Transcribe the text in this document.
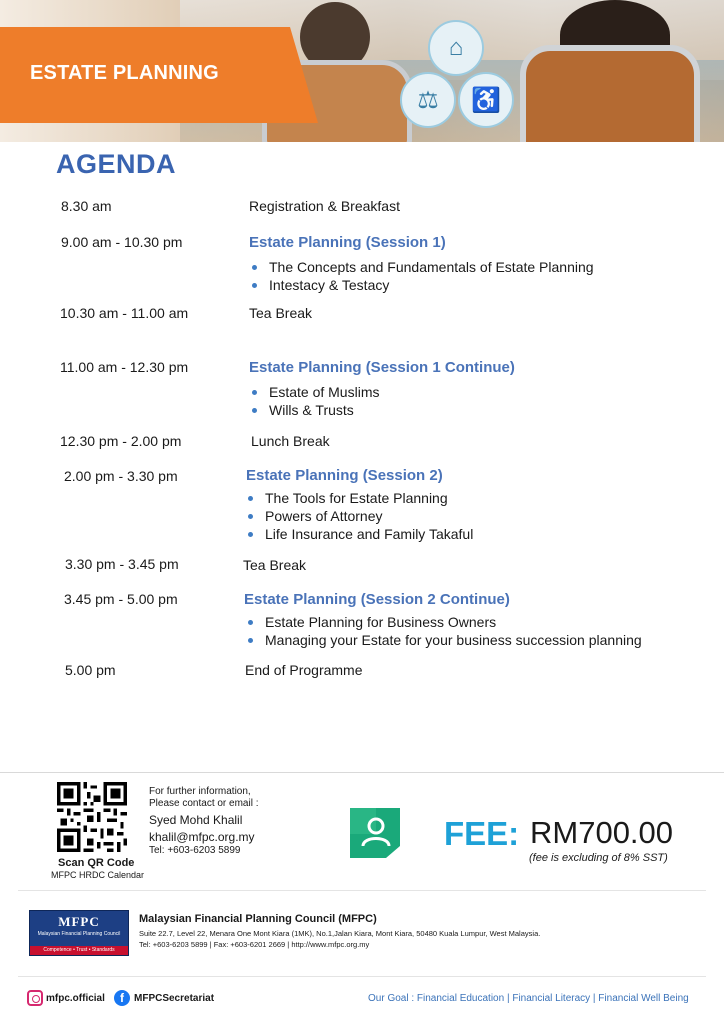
⌂
⚖	♿
ESTATE PLANNING
AGENDA
8.30 am	Registration & Breakfast
9.00 am - 10.30 pm	Estate Planning (Session 1)
The Concepts and Fundamentals of Estate Planning
Intestacy & Testacy
10.30 am - 11.00 am	Tea Break
11.00 am - 12.30 pm	Estate Planning (Session 1 Continue)
Estate of Muslims
Wills & Trusts
12.30 pm - 2.00 pm	Lunch Break
2.00 pm - 3.30 pm	Estate Planning (Session 2)
The Tools for Estate Planning
Powers of Attorney
Life Insurance and Family Takaful
3.30 pm - 3.45 pm	Tea Break
3.45 pm - 5.00 pm	Estate Planning (Session 2 Continue)
Estate Planning for Business Owners
Managing your Estate for your business succession planning
5.00 pm	End of Programme
Scan QR Code
MFPC HRDC Calendar
For further information, Please contact or email :
Syed Mohd Khalil
khalil@mfpc.org.my
Tel: +603-6203 5899	FEE: RM700.00
(fee is excluding of 8% SST)
MFPC
Malaysian Financial Planning Council
Competence • Trust • Standards
Malaysian Financial Planning Council (MFPC)
Suite 22.7, Level 22, Menara One Mont Kiara (1MK), No.1,Jalan Kiara, Mont Kiara, 50480 Kuala Lumpur, West Malaysia.
Tel: +603-6203 5899 | Fax: +603-6201 2669 | http://www.mfpc.org.my
mfpc.official	f	MFPCSecretariat	Our Goal : Financial Education | Financial Literacy | Financial Well Being
